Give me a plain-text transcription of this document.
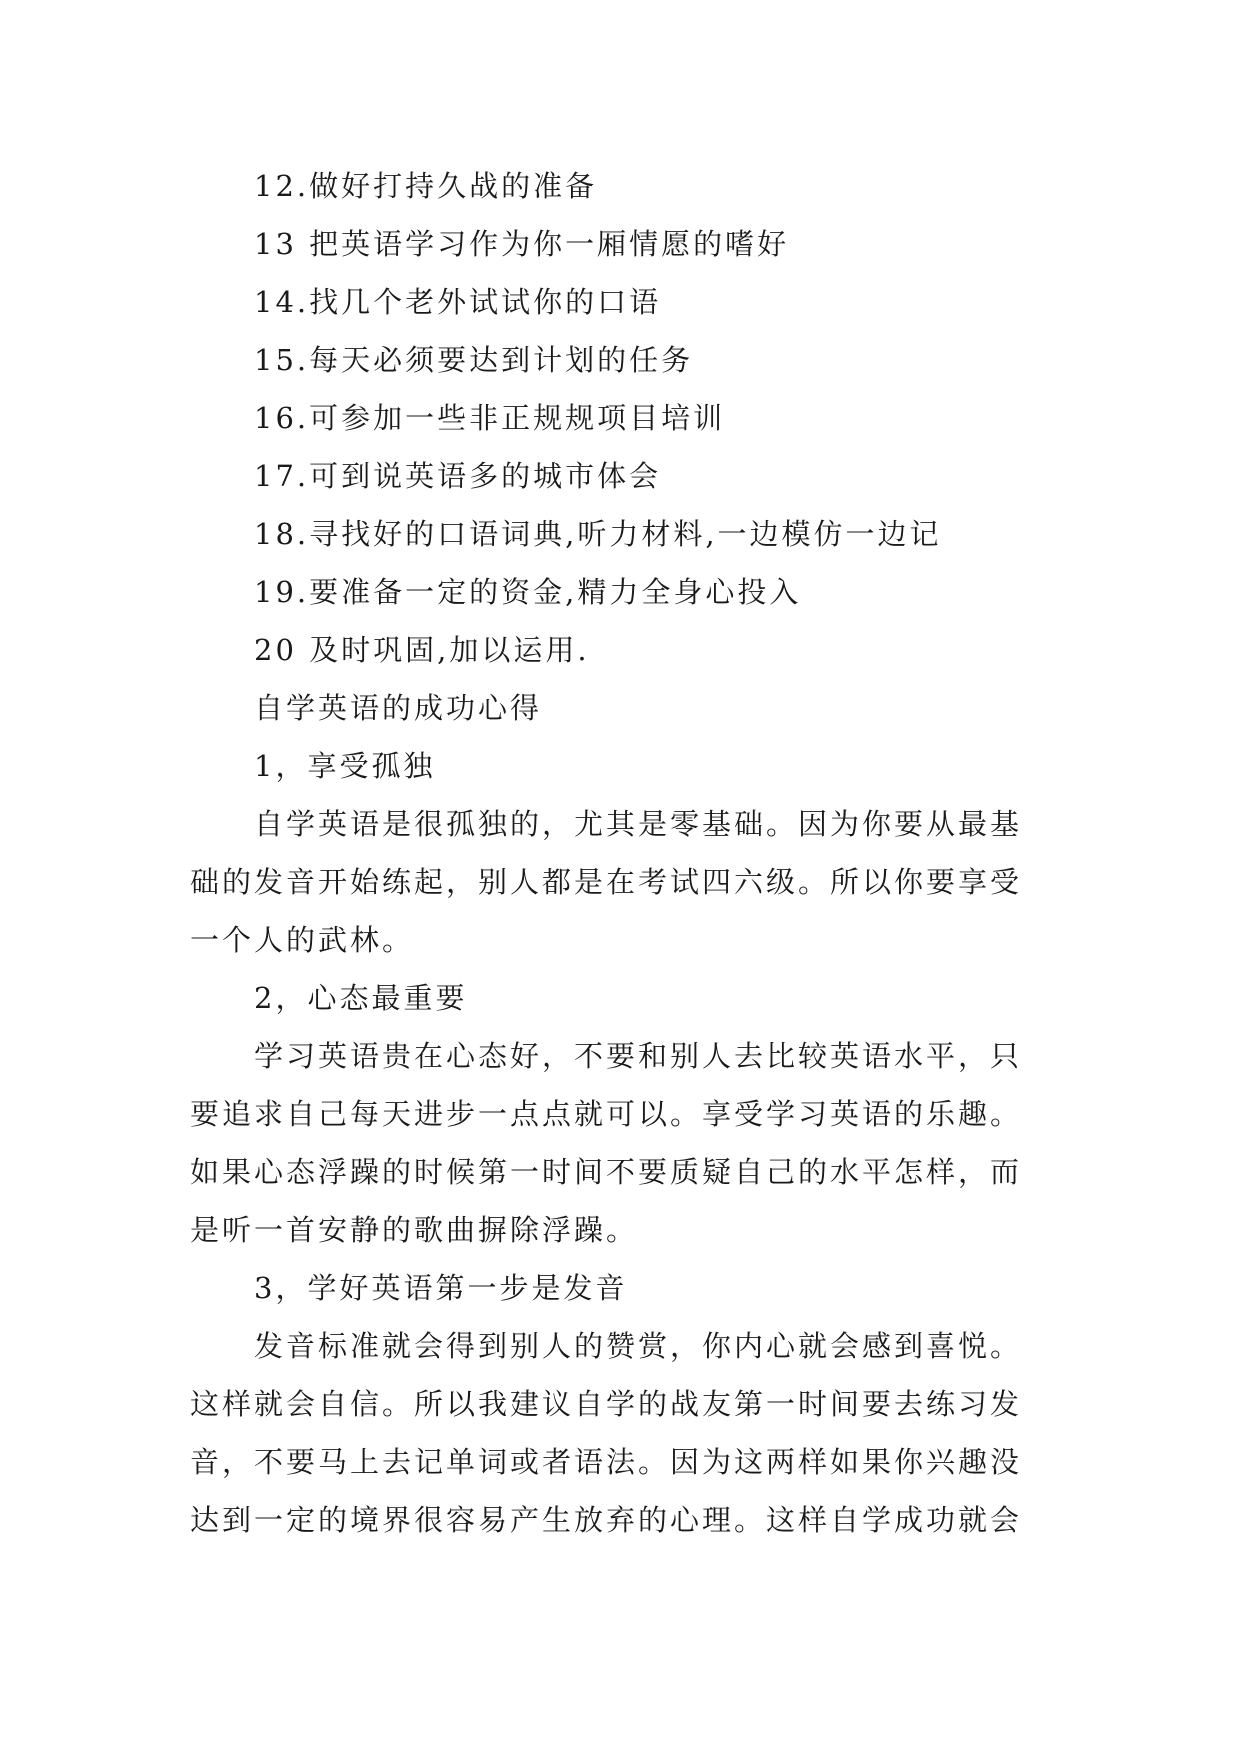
12.做好打持久战的准备
13 把英语学习作为你一厢情愿的嗜好
14.找几个老外试试你的口语
15.每天必须要达到计划的任务
16.可参加一些非正规规项目培训
17.可到说英语多的城市体会
18.寻找好的口语词典,听力材料,一边模仿一边记
19.要准备一定的资金,精力全身心投入
20 及时巩固,加以运用.
自学英语的成功心得
1，享受孤独
自学英语是很孤独的，尤其是零基础。因为你要从最基
础的发音开始练起，别人都是在考试四六级。所以你要享受
一个人的武林。
2，心态最重要
学习英语贵在心态好，不要和别人去比较英语水平，只
要追求自己每天进步一点点就可以。享受学习英语的乐趣。
如果心态浮躁的时候第一时间不要质疑自己的水平怎样，而
是听一首安静的歌曲摒除浮躁。
3，学好英语第一步是发音
发音标准就会得到别人的赞赏，你内心就会感到喜悦。
这样就会自信。所以我建议自学的战友第一时间要去练习发
音，不要马上去记单词或者语法。因为这两样如果你兴趣没
达到一定的境界很容易产生放弃的心理。这样自学成功就会
